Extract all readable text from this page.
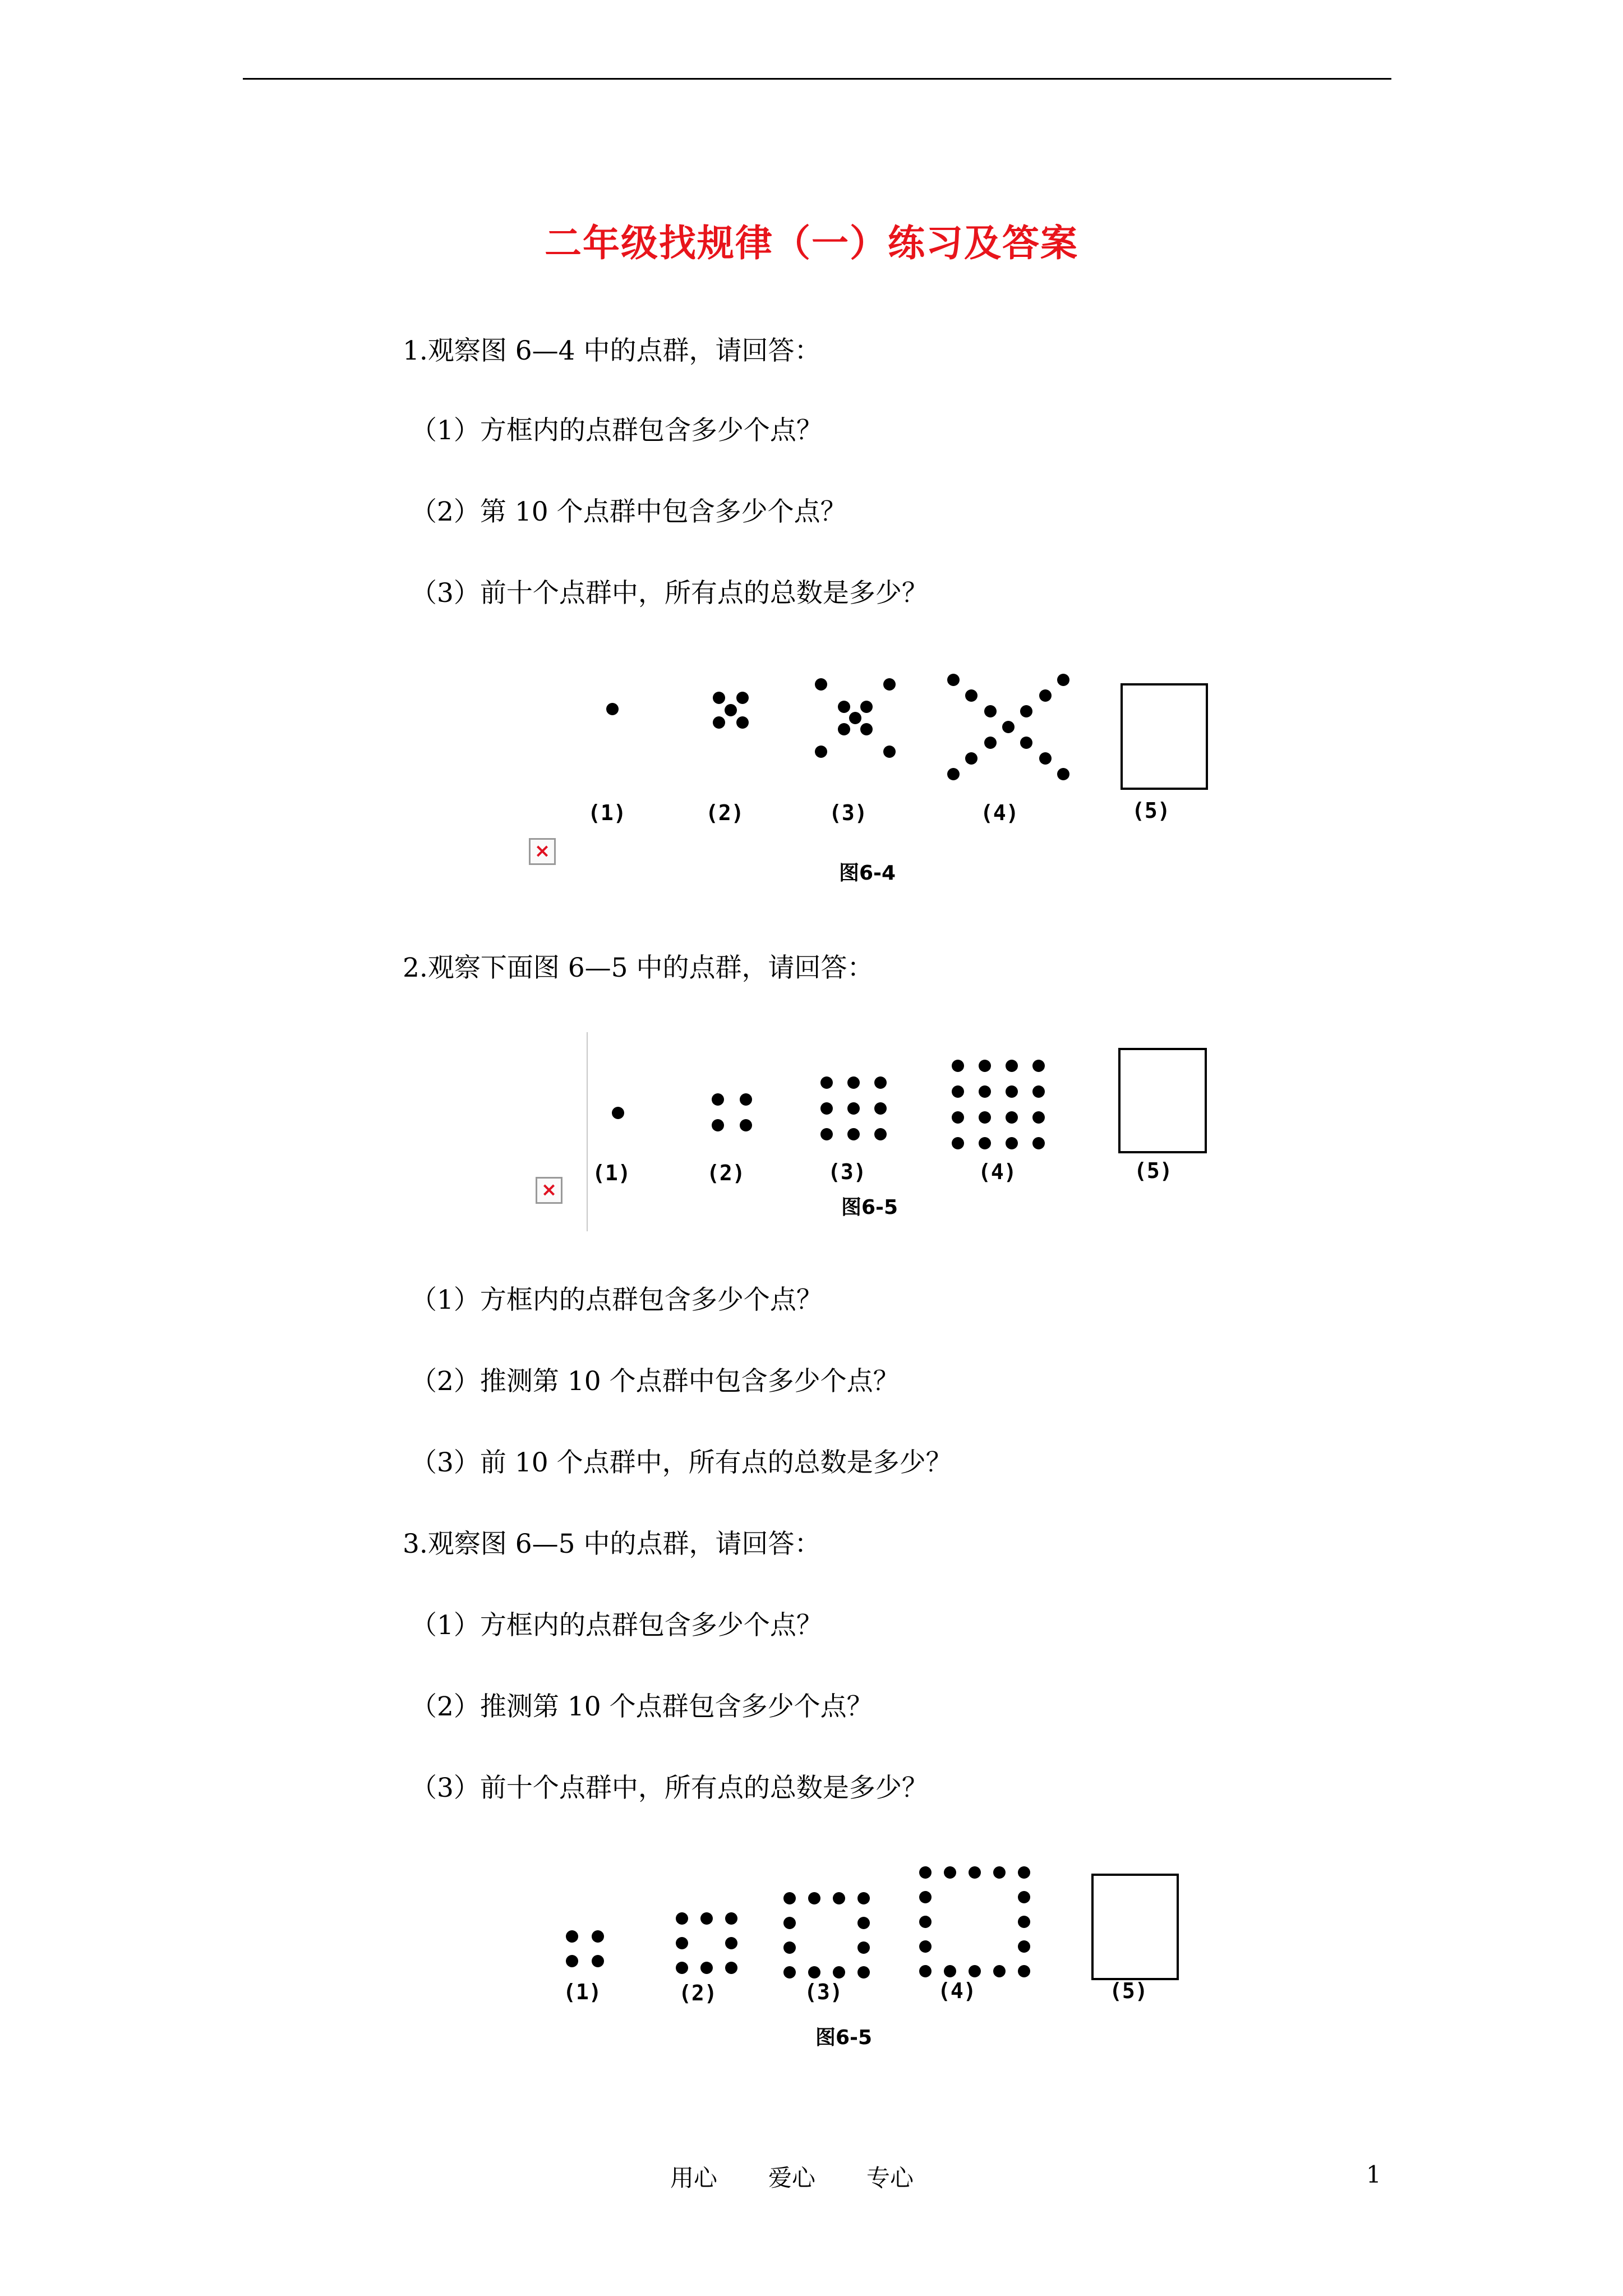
二年级找规律（一）练习及答案
1.观察图 6—4 中的点群，请回答：
（1）方框内的点群包含多少个点？
（2）第 10 个点群中包含多少个点？
（3）前十个点群中，所有点的总数是多少？
(1)	(2)	(3)	(4)	(5)
图6-4
×
2.观察下面图 6—5 中的点群，请回答：
(1)	(2)	(3)	(4)	(5)
图6-5
×
（1）方框内的点群包含多少个点？
（2）推测第 10 个点群中包含多少个点？
（3）前 10 个点群中，所有点的总数是多少？
3.观察图 6—5 中的点群，请回答：
（1）方框内的点群包含多少个点？
（2）推测第 10 个点群包含多少个点？
（3）前十个点群中，所有点的总数是多少？
(1)	(2)	(3)	(4)	(5)
图6-5
用心 爱心 专心	1
